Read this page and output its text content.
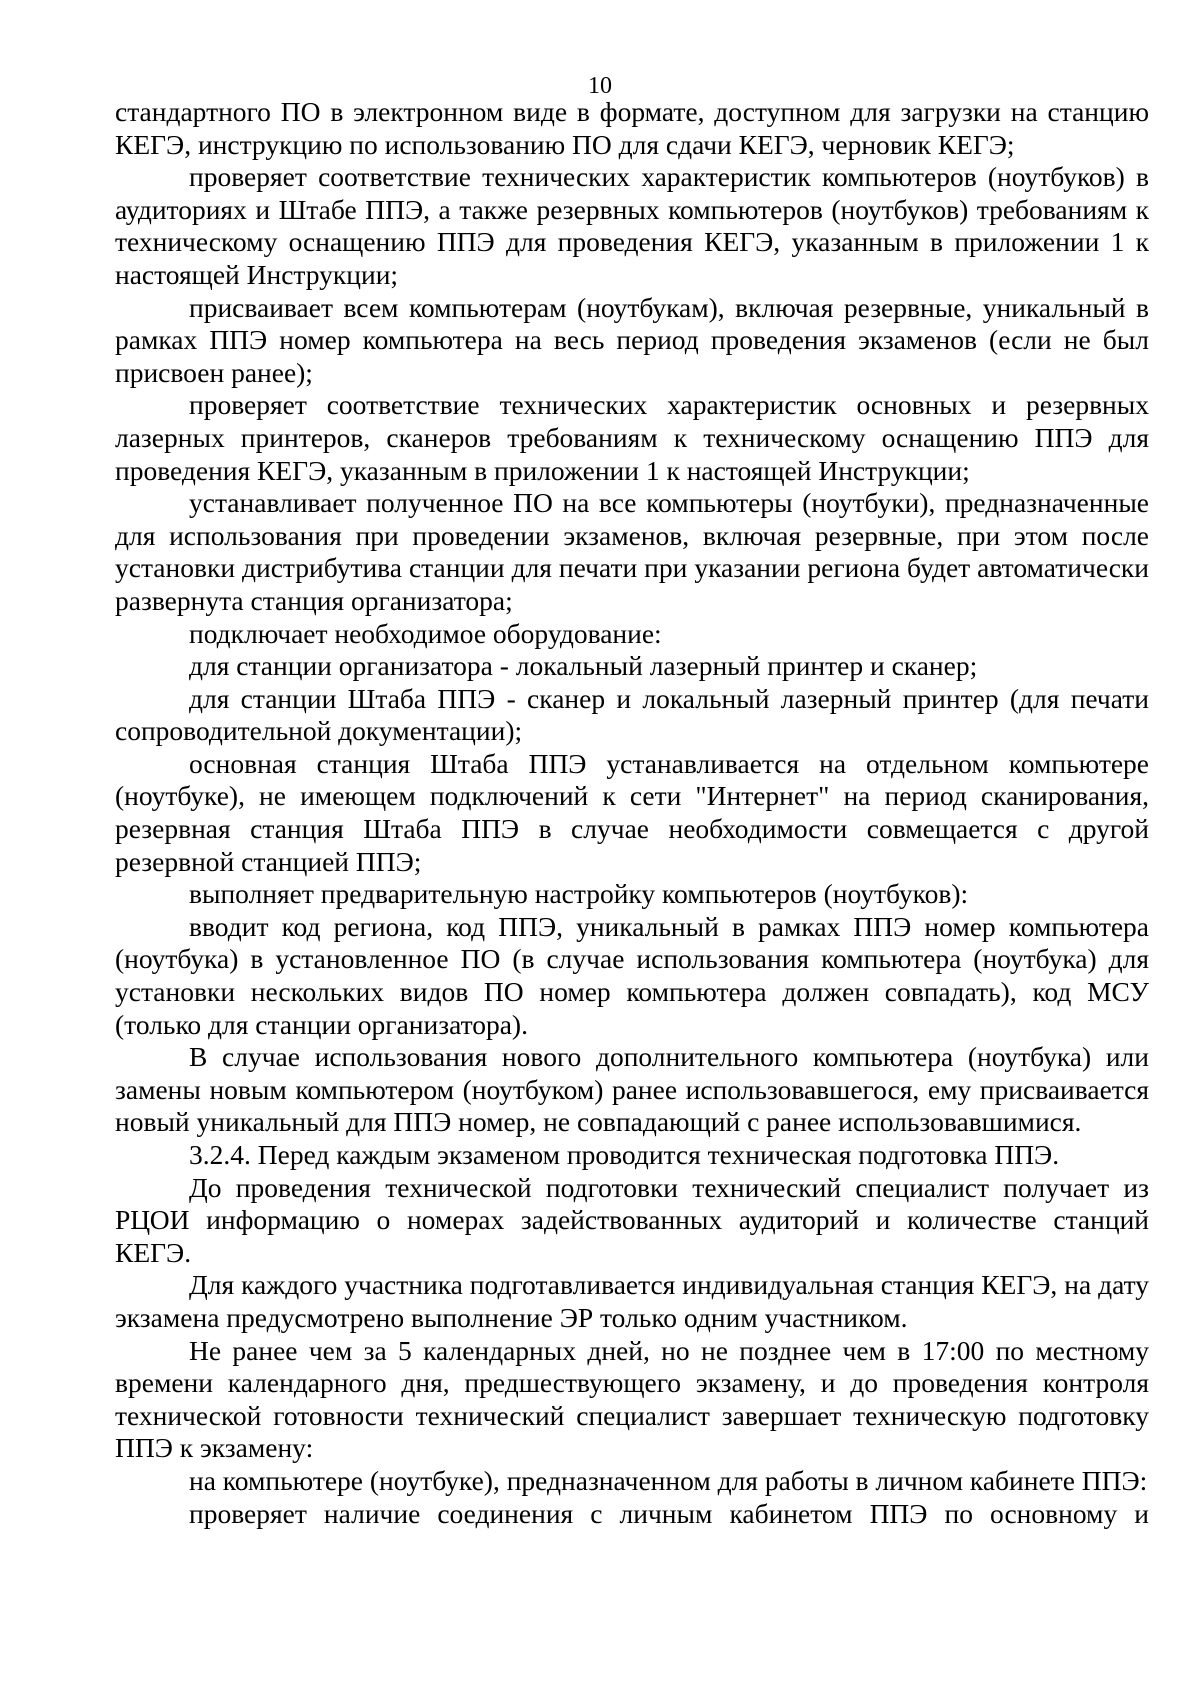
10

стандартного ПО в электронном виде в формате, доступном для загрузки на станцию КЕГЭ, инструкцию по использованию ПО для сдачи КЕГЭ, черновик КЕГЭ;

проверяет соответствие технических характеристик компьютеров (ноутбуков) в аудиториях и Штабе ППЭ, а также резервных компьютеров (ноутбуков) требованиям к техническому оснащению ППЭ для проведения КЕГЭ, указанным в приложении 1 к настоящей Инструкции;

присваивает всем компьютерам (ноутбукам), включая резервные, уникальный в рамках ППЭ номер компьютера на весь период проведения экзаменов (если не был присвоен ранее);

проверяет соответствие технических характеристик основных и резервных лазерных принтеров, сканеров требованиям к техническому оснащению ППЭ для проведения КЕГЭ, указанным в приложении 1 к настоящей Инструкции;

устанавливает полученное ПО на все компьютеры (ноутбуки), предназначенные для использования при проведении экзаменов, включая резервные, при этом после установки дистрибутива станции для печати при указании региона будет автоматически развернута станция организатора;

подключает необходимое оборудование:

для станции организатора - локальный лазерный принтер и сканер;

для станции Штаба ППЭ - сканер и локальный лазерный принтер (для печати сопроводительной документации);

основная станция Штаба ППЭ устанавливается на отдельном компьютере (ноутбуке), не имеющем подключений к сети "Интернет" на период сканирования, резервная станция Штаба ППЭ в случае необходимости совмещается с другой резервной станцией ППЭ;

выполняет предварительную настройку компьютеров (ноутбуков):

вводит код региона, код ППЭ, уникальный в рамках ППЭ номер компьютера (ноутбука) в установленное ПО (в случае использования компьютера (ноутбука) для установки нескольких видов ПО номер компьютера должен совпадать), код МСУ (только для станции организатора).

В случае использования нового дополнительного компьютера (ноутбука) или замены новым компьютером (ноутбуком) ранее использовавшегося, ему присваивается новый уникальный для ППЭ номер, не совпадающий с ранее использовавшимися.

3.2.4. Перед каждым экзаменом проводится техническая подготовка ППЭ.

До проведения технической подготовки технический специалист получает из РЦОИ информацию о номерах задействованных аудиторий и количестве станций КЕГЭ.

Для каждого участника подготавливается индивидуальная станция КЕГЭ, на дату экзамена предусмотрено выполнение ЭР только одним участником.

Не ранее чем за 5 календарных дней, но не позднее чем в 17:00 по местному времени календарного дня, предшествующего экзамену, и до проведения контроля технической готовности технический специалист завершает техническую подготовку ППЭ к экзамену:

на компьютере (ноутбуке), предназначенном для работы в личном кабинете ППЭ:

проверяет наличие соединения с личным кабинетом ППЭ по основному и
